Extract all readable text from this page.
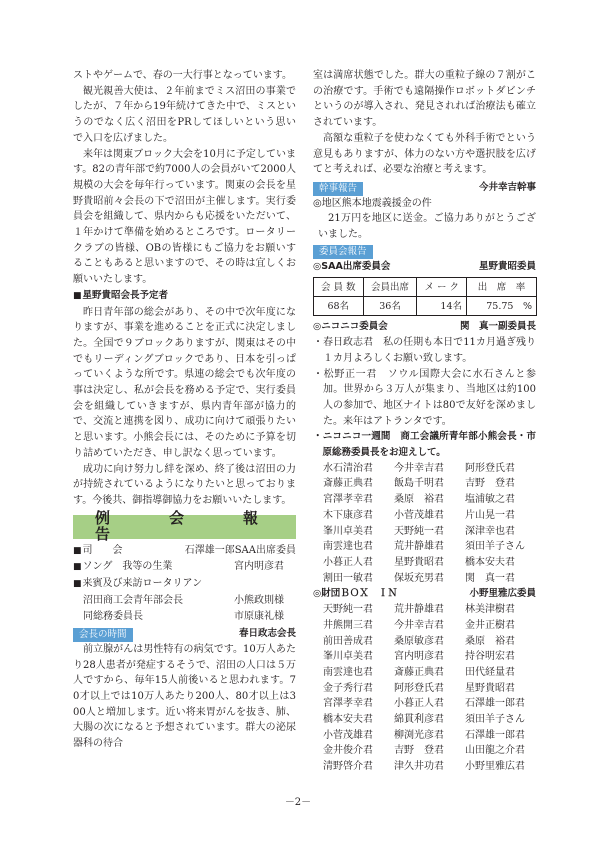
ストやゲームで、春の一大行事となっています。

観光親善大使は、２年前までミス沼田の事業でしたが、７年から19年続けてきた中で、ミスというのでなく広く沼田をPRしてほしいという思いで入口を広げました。

来年は関東ブロック大会を10月に予定しています。82の青年部で約7000人の会員がいて2000人規模の大会を毎年行っています。関東の会長を星野貴昭前々会長の下で沼田が主催します。実行委員会を組織して、県内からも応援をいただいて、１年かけて準備を始めるところです。ロータリークラブの皆様、OBの皆様にもご協力をお願いすることもあると思いますので、その時は宜しくお願いいたします。

■星野貴昭会長予定者

昨日青年部の総会があり、その中で次年度になりますが、事業を進めることを正式に決定しました。全国で９ブロックありますが、関東はその中でもリーディングブロックであり、日本を引っぱっていくような所です。県連の総会でも次年度の事は決定し、私が会長を務める予定で、実行委員会を組織していきますが、県内青年部が協力的で、交流と連携を図り、成功に向けて頑張りたいと思います。小熊会長には、そのために予算を切り詰めていただき、申し訳なく思っています。

成功に向け努力し絆を深め、終了後は沼田の力が持続されているようになりたいと思っております。今後共、御指導御協力をお願いいたします。

例　会　報　告
■司　　会	石澤雄一郎SAA出席委員
■ソング　我等の生業	宮内明彦君
■来賓及び来訪ロータリアン
沼田商工会青年部会長	小熊政則様
同総務委員長	市原康礼様
会長の時間	春日政志会長

前立腺がんは男性特有の病気です。10万人あたり28人患者が発症するそうで、沼田の人口は５万人ですから、毎年15人前後いると思われます。70才以上では10万人あたり200人、80才以上は300人と増加します。近い将来胃がんを抜き、肺、大腸の次になると予想されています。群大の泌尿器科の待合

室は満席状態でした。群大の重粒子線の７割がこの治療です。手術でも遠隔操作ロボットダビンチというのが導入され、発見されれば治療法も確立されています。

高額な重粒子を使わなくても外科手術でという意見もありますが、体力のない方や選択肢を広げてと考えれば、必要な治療と考えます。

幹事報告	今井幸吉幹事
◎地区熊本地震義援金の件

21万円を地区に送金。ご協力ありがとうございました。

委員会報告
◎SAA出席委員会	星野貴昭委員
会 員 数	会員出席	メ ー ク	出　席　率
68名	36名	14名	75.75　%
◎ニコニコ委員会	関　真一副委員長

・春日政志君　私の任期も本日で11カ月過ぎ残り１カ月よろしくお願い致します。

・松野正一君　ソウル国際大会に水石さんと参加。世界から３万人が集まり、当地区は約100人の参加で、地区ナイトは80で友好を深めました。来年はアトランタです。

・ニコニコ一週間　商工会議所青年部小熊会長・市原総務委員長をお迎えして。

水石清治君	今井幸吉君	阿形登氏君
斎藤正典君	飯島千明君	吉野　登君
宮澤孝幸君	桑原　裕君	塩浦敏之君
木下康彦君	小菅茂雄君	片山晃一君
峯川卓美君	天野純一君	深津幸也君
南雲達也君	荒井静雄君	須田羊子さん
小暮正人君	星野貴昭君	橋本安夫君
割田一敏君	保坂充男君	関　真一君
◎財団ＢＯＸ　ＩＮ	小野里雅広委員
天野純一君	荒井静雄君	林美津樹君
井熊開三君	今井幸吉君	金井正樹君
前田善成君	桑原敏彦君	桑原　裕君
峯川卓美君	宮内明彦君	持谷明宏君
南雲達也君	斎藤正典君	田代経量君
金子秀行君	阿形登氏君	星野貴昭君
宮澤孝幸君	小暮正人君	石澤雄一郎君
橋本安夫君	綿貫利彦君	須田羊子さん
小菅茂雄君	柳渕光彦君	石澤雄一郎君
金井俊介君	吉野　登君	山田龍之介君
清野啓介君	津久井功君	小野里雅広君
－2－
